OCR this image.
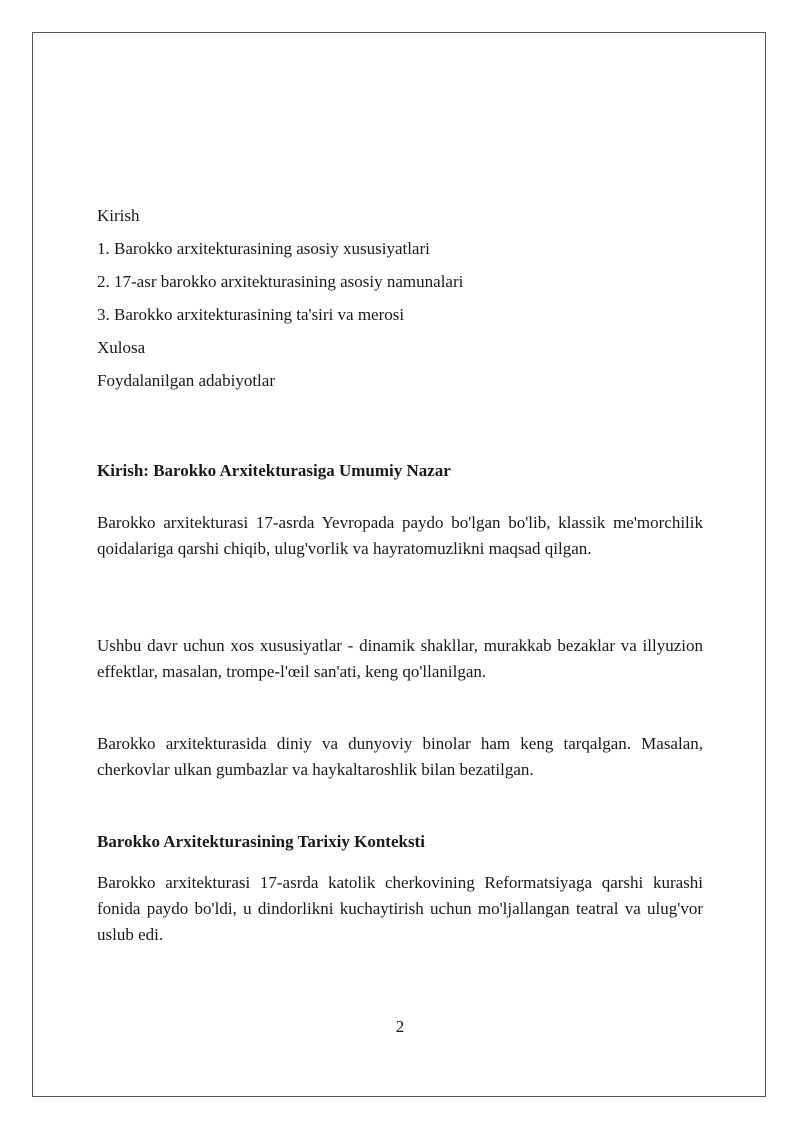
Kirish

1. Barokko arxitekturasining asosiy xususiyatlari

2. 17-asr barokko arxitekturasining asosiy namunalari

3. Barokko arxitekturasining ta'siri va merosi

Xulosa

Foydalanilgan adabiyotlar

Kirish: Barokko Arxitekturasiga Umumiy Nazar

Barokko arxitekturasi 17-asrda Yevropada paydo bo'lgan bo'lib, klassik me'morchilik qoidalariga qarshi chiqib, ulug'vorlik va hayratomuzlikni maqsad qilgan.

Ushbu davr uchun xos xususiyatlar - dinamik shakllar, murakkab bezaklar va illyuzion effektlar, masalan, trompe-l'œil san'ati, keng qo'llanilgan.

Barokko arxitekturasida diniy va dunyoviy binolar ham keng tarqalgan. Masalan, cherkovlar ulkan gumbazlar va haykaltaroshlik bilan bezatilgan.

Barokko Arxitekturasining Tarixiy Konteksti

Barokko arxitekturasi 17-asrda katolik cherkovining Reformatsiyaga qarshi kurashi fonida paydo bo'ldi, u dindorlikni kuchaytirish uchun mo'ljallangan teatral va ulug'vor uslub edi.

2
